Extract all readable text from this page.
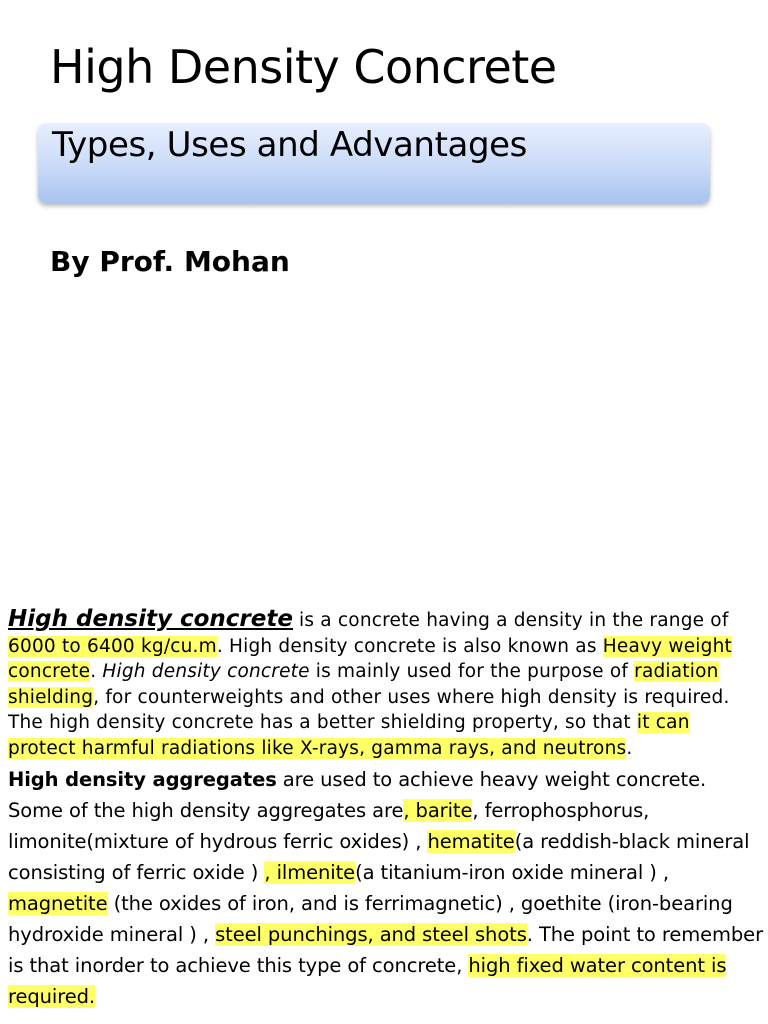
High Density Concrete
Types, Uses and Advantages
By Prof. Mohan
High density concrete is a concrete having a density in the range of 6000 to 6400 kg/cu.m. High density concrete is also known as Heavy weight concrete. High density concrete is mainly used for the purpose of radiation shielding, for counterweights and other uses where high density is required. The high density concrete has a better shielding property, so that it can protect harmful radiations like X-rays, gamma rays, and neutrons.
High density aggregates are used to achieve heavy weight concrete. Some of the high density aggregates are, barite, ferrophosphorus, limonite(mixture of hydrous ferric oxides) , hematite(a reddish-black mineral consisting of ferric oxide ) , ilmenite(a titanium-iron oxide mineral ) , magnetite (the oxides of iron, and is ferrimagnetic) , goethite (iron-bearing hydroxide mineral ) , steel punchings, and steel shots. The point to remember is that inorder to achieve this type of concrete, high fixed water content is required.
